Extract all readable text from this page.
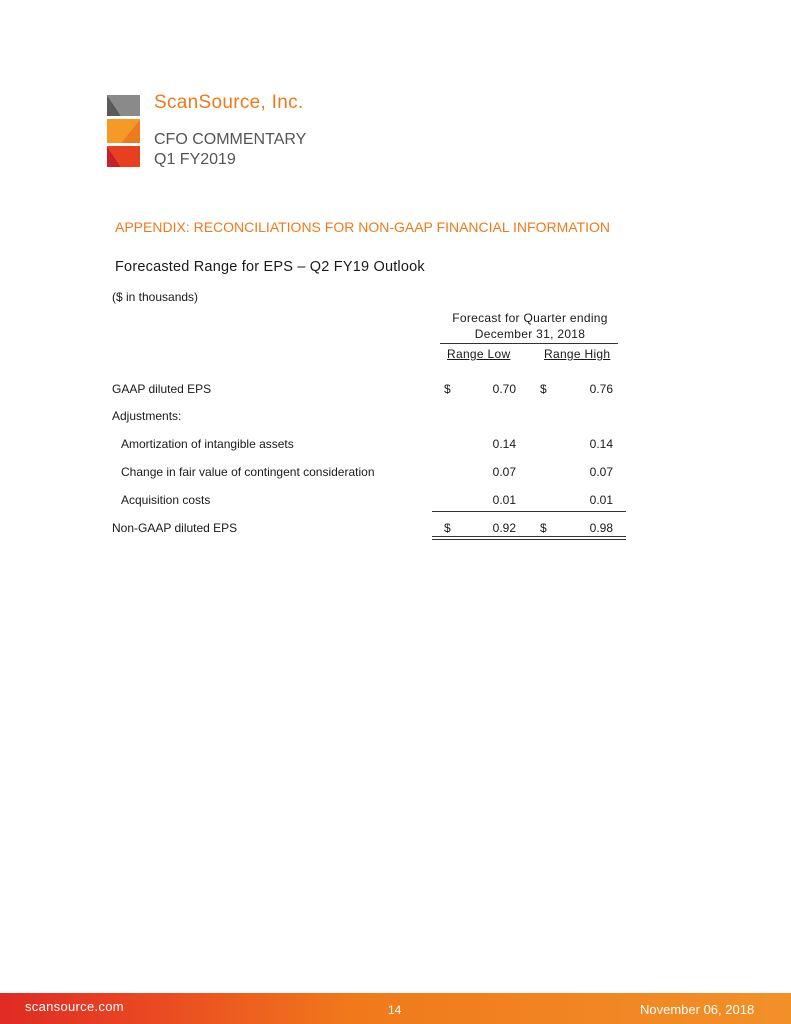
ScanSource, Inc.
CFO COMMENTARY
Q1 FY2019
APPENDIX: RECONCILIATIONS FOR NON-GAAP FINANCIAL INFORMATION
Forecasted Range for EPS – Q2 FY19 Outlook
($ in thousands)
Forecast for Quarter ending
December 31, 2018
Range Low	Range High
GAAP diluted EPS	$	0.70 $	0.76
Adjustments:
Amortization of intangible assets	0.14	0.14
Change in fair value of contingent consideration	0.07	0.07
Acquisition costs	0.01	0.01
Non-GAAP diluted EPS	$	0.92 $	0.98
scansource.com	14	November 06, 2018
